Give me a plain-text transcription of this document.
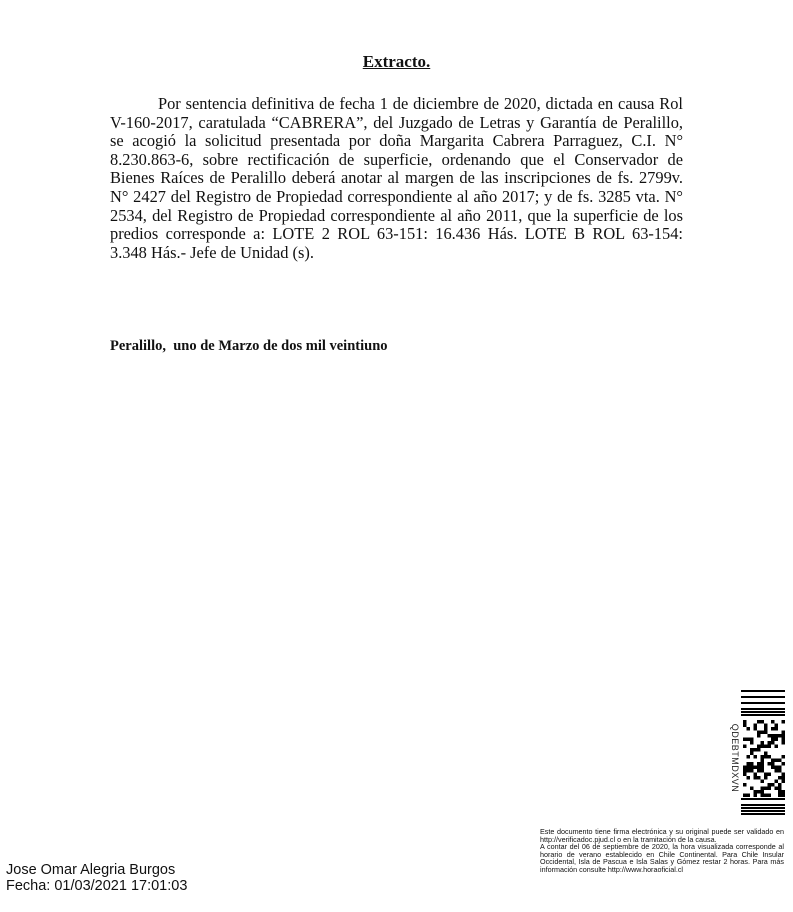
Extracto.

Por sentencia definitiva de fecha 1 de diciembre de 2020, dictada en causa Rol V-160-2017, caratulada “CABRERA”, del Juzgado de Letras y Garantía de Peralillo, se acogió la solicitud presentada por doña Margarita Cabrera Parraguez, C.I. N° 8.230.863-6, sobre rectificación de superficie, ordenando que el Conservador de Bienes Raíces de Peralillo deberá anotar al margen de las inscripciones de fs. 2799v. N° 2427 del Registro de Propiedad correspondiente al año 2017; y de fs. 3285 vta. N° 2534, del Registro de Propiedad correspondiente al año 2011, que la superficie de los predios corresponde a: LOTE 2 ROL 63-151: 16.436 Hás. LOTE B ROL 63-154: 3.348 Hás.- Jefe de Unidad (s).

Peralillo,  uno de Marzo de dos mil veintiuno
QDEBTMDXVN

Este documento tiene firma electrónica y su original puede ser validado en http://verificadoc.pjud.cl o en la tramitación de la causa.

A contar del 06 de septiembre de 2020, la hora visualizada corresponde al horario de verano establecido en Chile Continental. Para Chile Insular Occidental, Isla de Pascua e Isla Salas y Gómez restar 2 horas. Para más información consulte http://www.horaoficial.cl

Jose Omar Alegria Burgos
Fecha: 01/03/2021 17:01:03
